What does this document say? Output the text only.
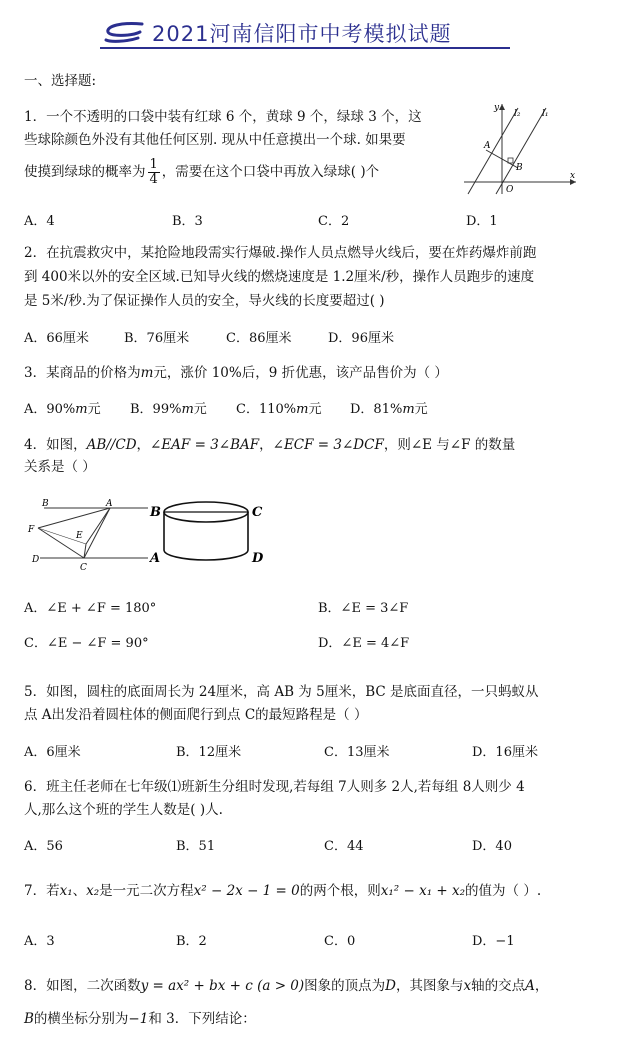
2021河南信阳市中考模拟试题
一、选择题:
1．一个不透明的口袋中装有红球 6 个，黄球 9 个，绿球 3 个，这
些球除颜色外没有其他任何区别. 现从中任意摸出一个球. 如果要
使摸到绿球的概率为 $\frac{1}{4}$ ，需要在这个口袋中再放入绿球( )个
y
l₂ l₁
A
B
O
x
A．4	B．3	C．2	D．1
2．在抗震救灾中，某抢险地段需实行爆破.操作人员点燃导火线后，要在炸药爆炸前跑
到 400米以外的安全区域.已知导火线的燃烧速度是 1.2厘米/秒，操作人员跑步的速度
是 5米/秒.为了保证操作人员的安全，导火线的长度要超过( )
A．66厘米	B．76厘米	C．86厘米	D．96厘米
3．某商品的价格为m元，涨价 10%后，9 折优惠，该产品售价为（ ）
A．90%m元 B．99%m元 C．110%m元 D．81%m元
4．如图，AB//CD，∠EAF = 3∠BAF，∠ECF = 3∠DCF，则∠E 与∠F 的数量
关系是（ ）
B	A
F
E
D
C
B	C
A	D
A．∠E + ∠F = 180°	B．∠E = 3∠F
C．∠E − ∠F = 90°	D．∠E = 4∠F
5．如图，圆柱的底面周长为 24厘米，高 AB 为 5厘米，BC 是底面直径，一只蚂蚁从
点 A出发沿着圆柱体的侧面爬行到点 C的最短路程是（ ）
A．6厘米	B．12厘米	C．13厘米	D．16厘米
6．班主任老师在七年级⑴班新生分组时发现,若每组 7人则多 2人,若每组 8人则少 4
人,那么这个班的学生人数是( )人.
A．56	B．51	C．44	D．40
7．若x₁、x₂是一元二次方程x² − 2x − 1 = 0的两个根，则x₁² − x₁ + x₂的值为（ ）.
A．3	B．2	C．0	D．−1
8．如图，二次函数y = ax² + bx + c (a > 0)图象的顶点为D，其图象与x轴的交点A，
B的横坐标分别为−1和 3．下列结论：
